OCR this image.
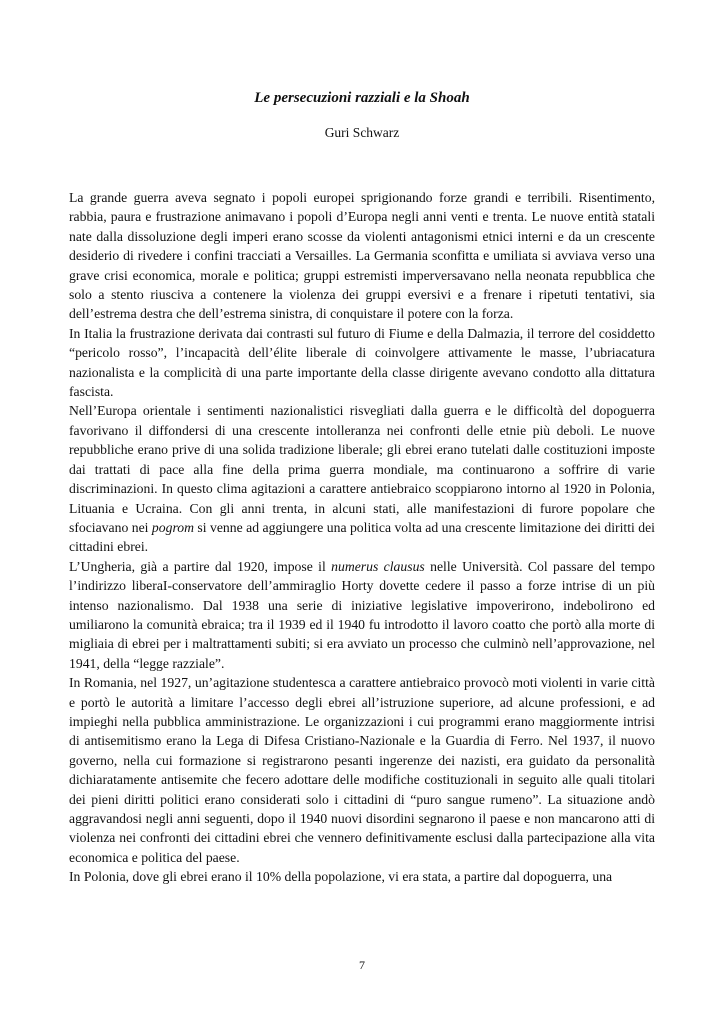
Le persecuzioni razziali e la Shoah
Guri Schwarz

La grande guerra aveva segnato i popoli europei sprigionando forze grandi e terribili. Risentimento, rabbia, paura e frustrazione animavano i popoli d’Europa negli anni venti e trenta. Le nuove entità statali nate dalla dissoluzione degli imperi erano scosse da violenti antagonismi etnici interni e da un crescente desiderio di rivedere i confini tracciati a Versailles. La Germania sconfitta e umiliata si avviava verso una grave crisi economica, morale e politica; gruppi estremisti imperversavano nella neonata repubblica che solo a stento riusciva a contenere la violenza dei gruppi eversivi e a frenare i ripetuti tentativi, sia dell’estrema destra che dell’estrema sinistra, di conquistare il potere con la forza.

In Italia la frustrazione derivata dai contrasti sul futuro di Fiume e della Dalmazia, il terrore del cosiddetto “pericolo rosso”, l’incapacità dell’élite liberale di coinvolgere attivamente le masse, l’ubriacatura nazionalista e la complicità di una parte importante della classe dirigente avevano condotto alla dittatura fascista.

Nell’Europa orientale i sentimenti nazionalistici risvegliati dalla guerra e le difficoltà del dopoguerra favorivano il diffondersi di una crescente intolleranza nei confronti delle etnie più deboli. Le nuove repubbliche erano prive di una solida tradizione liberale; gli ebrei erano tutelati dalle costituzioni imposte dai trattati di pace alla fine della prima guerra mondiale, ma continuarono a soffrire di varie discriminazioni. In questo clima agitazioni a carattere antiebraico scoppiarono intorno al 1920 in Polonia, Lituania e Ucraina. Con gli anni trenta, in alcuni stati, alle manifestazioni di furore popolare che sfociavano nei pogrom si venne ad aggiungere una politica volta ad una crescente limitazione dei diritti dei cittadini ebrei.

L’Ungheria, già a partire dal 1920, impose il numerus clausus nelle Università. Col passare del tempo l’indirizzo liberaI-conservatore dell’ammiraglio Horty dovette cedere il passo a forze intrise di un più intenso nazionalismo. Dal 1938 una serie di iniziative legislative impoverirono, indebolirono ed umiliarono la comunità ebraica; tra il 1939 ed il 1940 fu introdotto il lavoro coatto che portò alla morte di migliaia di ebrei per i maltrattamenti subiti; si era avviato un processo che culminò nell’approvazione, nel 1941, della “legge razziale”.

In Romania, nel 1927, un’agitazione studentesca a carattere antiebraico provocò moti violenti in varie città e portò le autorità a limitare l’accesso degli ebrei all’istruzione superiore, ad alcune professioni, e ad impieghi nella pubblica amministrazione. Le organizzazioni i cui programmi erano maggiormente intrisi di antisemitismo erano la Lega di Difesa Cristiano-Nazionale e la Guardia di Ferro. Nel 1937, il nuovo governo, nella cui formazione si registrarono pesanti ingerenze dei nazisti, era guidato da personalità dichiaratamente antisemite che fecero adottare delle modifiche costituzionali in seguito alle quali titolari dei pieni diritti politici erano considerati solo i cittadini di “puro sangue rumeno”. La situazione andò aggravandosi negli anni seguenti, dopo il 1940 nuovi disordini segnarono il paese e non mancarono atti di violenza nei confronti dei cittadini ebrei che vennero definitivamente esclusi dalla partecipazione alla vita economica e politica del paese.

In Polonia, dove gli ebrei erano il 10% della popolazione, vi era stata, a partire dal dopoguerra, una

7
